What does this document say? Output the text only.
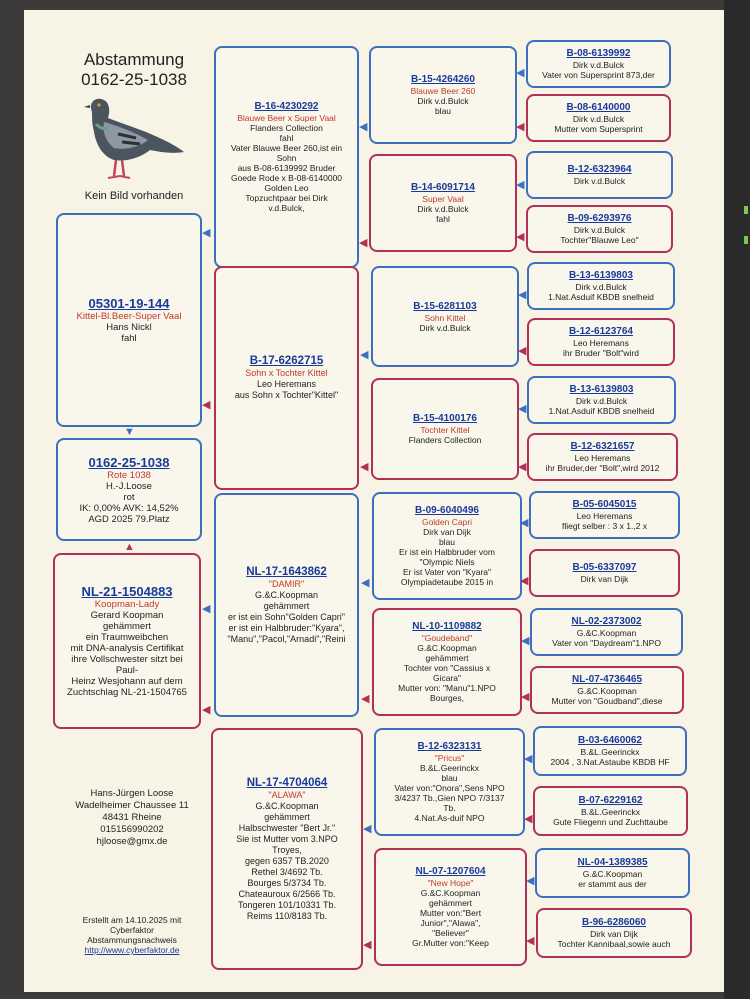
Abstammung
0162-25-1038
Kein Bild vorhanden
05301-19-144
Kittel-Bl.Beer-Super Vaal
Hans Nickl
fahl
0162-25-1038
Rote 1038
H.-J.Loose
rot
IK: 0,00% AVK: 14,52%
AGD 2025 79.Platz
NL-21-1504883
Koopman-Lady
Gerard Koopman
gehämmert
ein Traumweibchen
mit DNA-analysis Certifikat
ihre Vollschwester sitzt bei
Paul-
Heinz Wesjohann auf dem
Zuchtschlag NL-21-1504765
Hans-Jürgen Loose
Wadelheimer Chaussee 11
48431 Rheine
015156990202
hjloose@gmx.de
Erstellt am 14.10.2025 mit
Cyberfaktor
Abstammungsnachweis
http://www.cyberfaktor.de
▼
▲
B-16-4230292
Blauwe Beer x Super Vaal
Flanders Collection
fahl
Vater Blauwe Beer 260,ist ein
Sohn
aus B-08-6139992 Bruder
Goede Rode x B-08-6140000
Golden Leo
Topzuchtpaar bei Dirk
v.d.Bulck,
B-17-6262715
Sohn x Tochter Kittel
Leo Heremans
aus Sohn x Tochter"Kittel"
NL-17-1643862
"DAMIR"
G.&C.Koopman
gehämmert
er ist ein Sohn"Golden Capri"
er ist ein Halbbruder:"Kyara",
"Manu","Pacol,"Arnadi","Reini
NL-17-4704064
"ALAWA"
G.&C.Koopman
gehämmert
Halbschwester "Bert Jr."
Sie ist Mutter vom 3.NPO
Troyes,
gegen 6357 TB.2020
Rethel 3/4692 Tb.
Bourges 5/3734 Tb.
Chateauroux 6/2566 Tb.
Tongeren 101/10331 Tb.
Reims 110/8183 Tb.
◀
◀
◀
◀
B-15-4264260
Blauwe Beer 260
Dirk v.d.Bulck
blau
B-14-6091714
Super Vaal
Dirk v.d.Bulck
fahl
B-15-6281103
Sohn Kittel
Dirk v.d.Bulck
B-15-4100176
Tochter Kittel
Flanders Collection
B-09-6040496
Golden Capri
Dirk van Dijk
blau
Er ist ein Halbbruder vom
"Olympic Niels
Er ist Vater von "Kyara"
Olympiadetaube 2015 in
NL-10-1109882
"Goudeband"
G.&C.Koopman
gehämmert
Tochter von "Cassius x
Gicara"
Mutter von: "Manu"1.NPO
Bourges,
B-12-6323131
"Pricus"
B.&L.Geerinckx
blau
Vater von:"Onora",Sens NPO
3/4237 Tb.,Gien NPO 7/3137
Tb.
4.Nat.As-duif NPO
NL-07-1207604
"New Hope"
G.&C.Koopman
gehämmert
Mutter von:"Bert
Junior","Alawa",
"Believer"
Gr.Mutter von:"Keep
◀
◀
◀
◀
◀
◀
◀
◀
B-08-6139992
Dirk v.d.Bulck
Vater von Supersprint 873,der
B-08-6140000
Dirk v.d.Bulck
Mutter vom Supersprint
B-12-6323964
Dirk v.d.Bulck
B-09-6293976
Dirk v.d.Bulck
Tochter"Blauwe Leo"
B-13-6139803
Dirk v.d.Bulck
1.Nat.Asduif KBDB snelheid
B-12-6123764
Leo Heremans
ihr Bruder "Bolt"wird
B-13-6139803
Dirk v.d.Bulck
1.Nat.Asduif KBDB snelheid
B-12-6321657
Leo Heremans
ihr Bruder,der "Bolt",wird 2012
B-05-6045015
Leo Heremans
fliegt selber : 3 x 1.,2 x
B-05-6337097
Dirk van Dijk
NL-02-2373002
G.&C.Koopman
Vater von "Daydream"1.NPO
NL-07-4736465
G.&C.Koopman
Mutter von "Goudband",diese
B-03-6460062
B.&L.Geerinckx
2004 , 3.Nat.Astaube KBDB HF
B-07-6229162
B.&L.Geerinckx
Gute Fliegenn und Zuchttaube
NL-04-1389385
G.&C.Koopman
er stammt aus der
B-96-6286060
Dirk van Dijk
Tochter Kannibaal,sowie auch
◀
◀
◀
◀
◀
◀
◀
◀
◀
◀
◀
◀
◀
◀
◀
◀
